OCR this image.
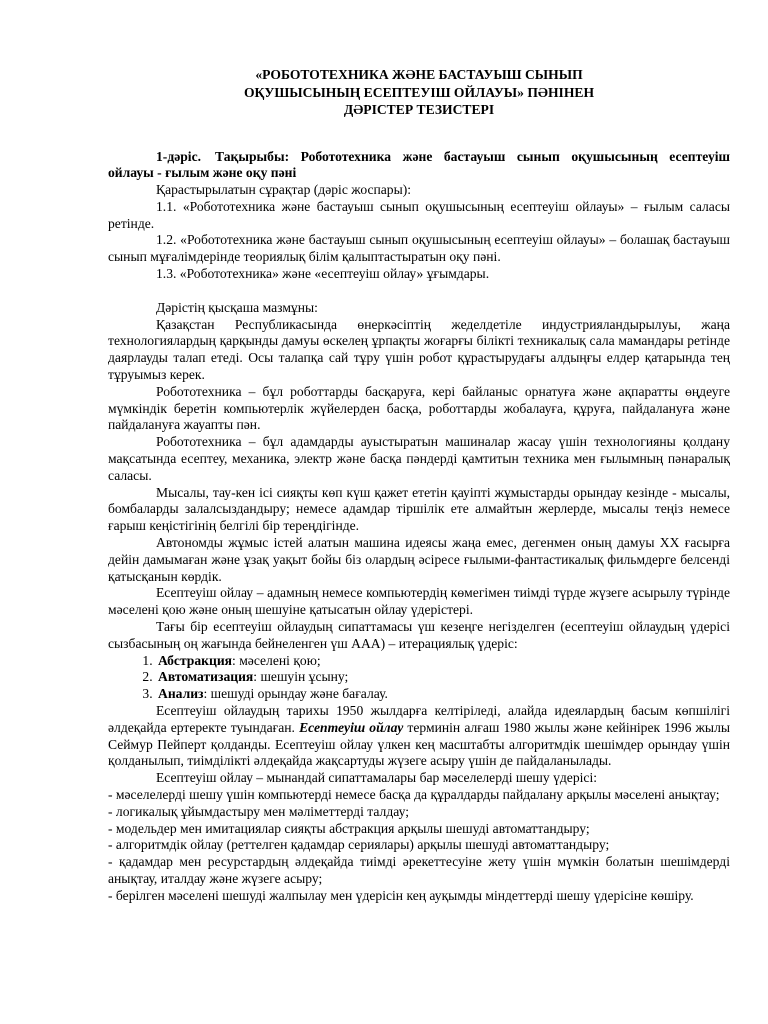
«РОБОТОТЕХНИКА ЖӘНЕ БАСТАУЫШ СЫНЫП
ОҚУШЫСЫНЫҢ ЕСЕПТЕУІШ ОЙЛАУЫ» ПӘНІНЕН
ДӘРІСТЕР ТЕЗИСТЕРІ

1-дәріс. Тақырыбы: Робототехника және бастауыш сынып оқушысының есептеуіш ойлауы - ғылым және оқу пәні

Қарастырылатын сұрақтар (дәріс жоспары):

1.1. «Робототехника және бастауыш сынып оқушысының есептеуіш ойлауы» – ғылым саласы ретінде.

1.2. «Робототехника және бастауыш сынып оқушысының есептеуіш ойлауы» – болашақ бастауыш сынып мұғалімдерінде теориялық білім қалыптастыратын оқу пәні.

1.3. «Робототехника» және «есептеуіш ойлау» ұғымдары.

Дәрістің қысқаша мазмұны:

Қазақстан Республикасында өнеркәсіптің жеделдетіле индустрияландырылуы, жаңа технологиялардың қарқынды дамуы өскелең ұрпақты жоғарғы білікті техникалық сала мамандары ретінде даярлауды талап етеді. Осы талапқа сай тұру үшін робот құрастырудағы алдыңғы елдер қатарында тең тұруымыз керек.

Робототехника – бұл роботтарды басқаруға, кері байланыс орнатуға және ақпаратты өңдеуге мүмкіндік беретін компьютерлік жүйелерден басқа, роботтарды жобалауға, құруға, пайдалануға және пайдалануға жауапты пән.

Робототехника – бұл адамдарды ауыстыратын машиналар жасау үшін технологияны қолдану мақсатында есептеу, механика, электр және басқа пәндерді қамтитын техника мен ғылымның пәнаралық саласы.

Мысалы, тау-кен ісі сияқты көп күш қажет ететін қауіпті жұмыстарды орындау кезінде - мысалы, бомбаларды залалсыздандыру; немесе адамдар тіршілік ете алмайтын жерлерде, мысалы теңіз немесе ғарыш кеңістігінің белгілі бір тереңдігінде.

Автономды жұмыс істей алатын машина идеясы жаңа емес, дегенмен оның дамуы XX ғасырға дейін дамымаған және ұзақ уақыт бойы біз олардың әсіресе ғылыми-фантастикалық фильмдерге белсенді қатысқанын көрдік.

Есептеуіш ойлау – адамның немесе компьютердің көмегімен тиімді түрде жүзеге асырылу түрінде мәселені қою және оның шешуіне қатысатын ойлау үдерістері.

Тағы бір есептеуіш ойлаудың сипаттамасы үш кезеңге негізделген (есептеуіш ойлаудың үдерісі сызбасының оң жағында бейнеленген үш ААА) – итерациялық үдеріс:

1. Абстракция: мәселені қою;
2. Автоматизация: шешуін ұсыну;
3. Анализ: шешуді орындау және бағалау.

Есептеуіш ойлаудың тарихы 1950 жылдарға келтіріледі, алайда идеялардың басым көпшілігі әлдеқайда ертеректе туындаған. Есептеуіш ойлау терминін алғаш 1980 жылы және кейінірек 1996 жылы Сеймур Пейперт қолданды. Есептеуіш ойлау үлкен кең масштабты алгоритмдік шешімдер орындау үшін қолданылып, тиімділікті әлдеқайда жақсартуды жүзеге асыру үшін де пайдаланылады.

Есептеуіш ойлау – мынандай сипаттамалары бар мәселелерді шешу үдерісі:

- мәселелерді шешу үшін компьютерді немесе басқа да құралдарды пайдалану арқылы мәселені анықтау;

- логикалық ұйымдастыру мен мәліметтерді талдау;

- модельдер мен имитациялар сияқты абстракция арқылы шешуді автоматтандыру;

- алгоритмдік ойлау (реттелген қадамдар сериялары) арқылы шешуді автоматтандыру;

- қадамдар мен ресурстардың әлдеқайда тиімді әрекеттесуіне жету үшін мүмкін болатын шешімдерді анықтау, италдау және жүзеге асыру;

- берілген мәселені шешуді жалпылау мен үдерісін кең ауқымды міндеттерді шешу үдерісіне көшіру.
